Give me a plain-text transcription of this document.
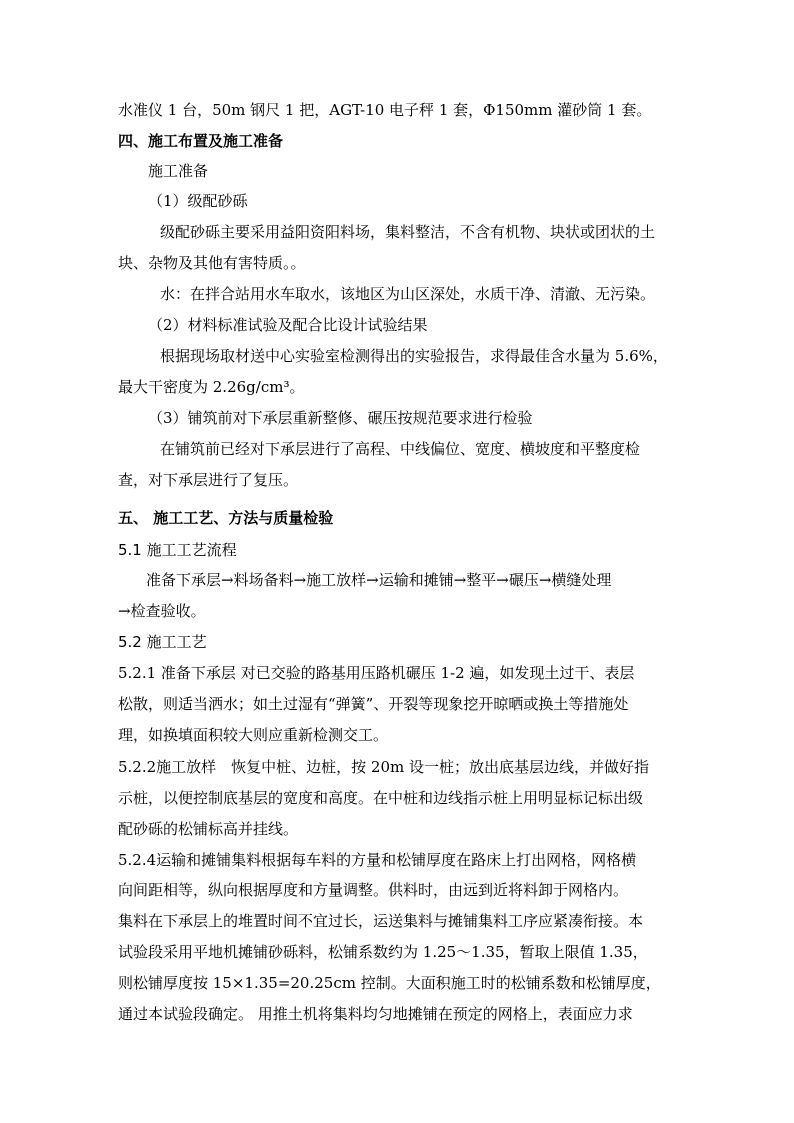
水准仪 1 台，50m 钢尺 1 把，AGT-10 电子秤 1 套，Φ150mm 灌砂筒 1 套。
四、施工布置及施工准备
施工准备
（1）级配砂砾
级配砂砾主要采用益阳资阳料场，集料整洁，不含有机物、块状或团状的土
块、杂物及其他有害特质。。
水：在拌合站用水车取水，该地区为山区深处，水质干净、清澈、无污染。
（2）材料标准试验及配合比设计试验结果
根据现场取材送中心实验室检测得出的实验报告，求得最佳含水量为 5.6%，
最大干密度为 2.26g/cm³。
（3）铺筑前对下承层重新整修、碾压按规范要求进行检验
在铺筑前已经对下承层进行了高程、中线偏位、宽度、横坡度和平整度检
查，对下承层进行了复压。
五、 施工工艺、方法与质量检验
5.1 施工工艺流程
准备下承层→料场备料→施工放样→运输和摊铺→整平→碾压→横缝处理
→检查验收。
5.2 施工工艺
5.2.1 准备下承层 对已交验的路基用压路机碾压 1-2 遍，如发现土过干、表层
松散，则适当洒水；如土过湿有“弹簧”、开裂等现象挖开晾晒或换土等措施处
理，如换填面积较大则应重新检测交工。
5.2.2施工放样　恢复中桩、边桩，按 20m 设一桩；放出底基层边线，并做好指
示桩，以便控制底基层的宽度和高度。在中桩和边线指示桩上用明显标记标出级
配砂砾的松铺标高并挂线。
5.2.4运输和摊铺集料根据每车料的方量和松铺厚度在路床上打出网格，网格横
向间距相等，纵向根据厚度和方量调整。供料时，由远到近将料卸于网格内。
集料在下承层上的堆置时间不宜过长，运送集料与摊铺集料工序应紧凑衔接。本
试验段采用平地机摊铺砂砾料，松铺系数约为 1.25～1.35，暂取上限值 1.35，
则松铺厚度按 15×1.35=20.25cm 控制。大面积施工时的松铺系数和松铺厚度，
通过本试验段确定。 用推土机将集料均匀地摊铺在预定的网格上，表面应力求
